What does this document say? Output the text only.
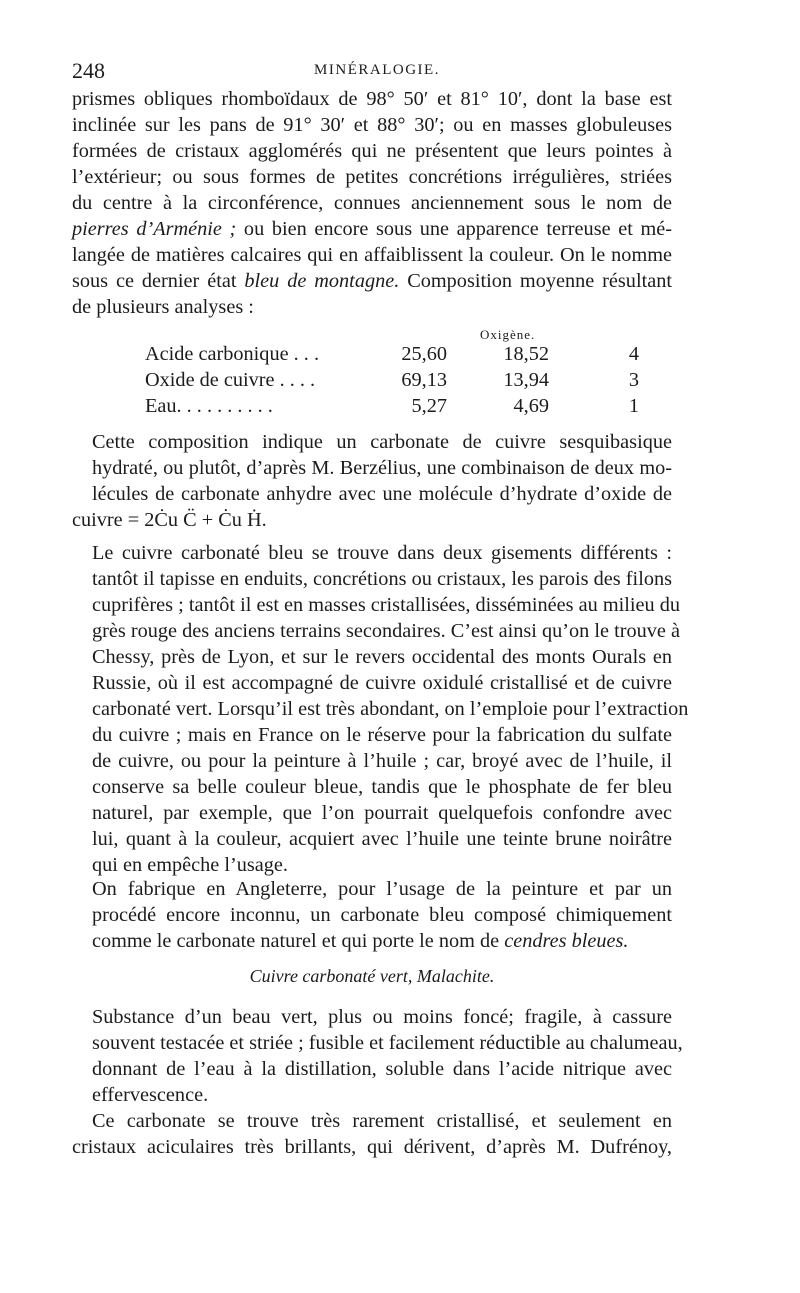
248	MINÉRALOGIE.

prismes obliques rhomboïdaux de 98° 50′ et 81° 10′, dont la base est
inclinée sur les pans de 91° 30′ et 88° 30′; ou en masses globuleuses
formées de cristaux agglomérés qui ne présentent que leurs pointes à
l’extérieur; ou sous formes de petites concrétions irrégulières, striées
du centre à la circonférence, connues anciennement sous le nom de
pierres d’Arménie ; ou bien encore sous une apparence terreuse et mé-
langée de matières calcaires qui en affaiblissent la couleur. On le nomme
sous ce dernier état bleu de montagne. Composition moyenne résultant
de plusieurs analyses :

Oxigène.
Acide carbonique . . .	25,60	18,52	4
Oxide de cuivre . . . .	69,13	13,94	3
Eau. . . . . . . . . .	5,27	4,69	1

Cette composition indique un carbonate de cuivre sesquibasique
hydraté, ou plutôt, d’après M. Berzélius, une combinaison de deux mo-
lécules de carbonate anhydre avec une molécule d’hydrate d’oxide de
cuivre = 2Ċu C̈ + Ċu Ḣ.

Le cuivre carbonaté bleu se trouve dans deux gisements différents :
tantôt il tapisse en enduits, concrétions ou cristaux, les parois des filons
cuprifères ; tantôt il est en masses cristallisées, disséminées au milieu du
grès rouge des anciens terrains secondaires. C’est ainsi qu’on le trouve à
Chessy, près de Lyon, et sur le revers occidental des monts Ourals en
Russie, où il est accompagné de cuivre oxidulé cristallisé et de cuivre
carbonaté vert. Lorsqu’il est très abondant, on l’emploie pour l’extraction
du cuivre ; mais en France on le réserve pour la fabrication du sulfate
de cuivre, ou pour la peinture à l’huile ; car, broyé avec de l’huile, il
conserve sa belle couleur bleue, tandis que le phosphate de fer bleu
naturel, par exemple, que l’on pourrait quelquefois confondre avec
lui, quant à la couleur, acquiert avec l’huile une teinte brune noirâtre
qui en empêche l’usage.

On fabrique en Angleterre, pour l’usage de la peinture et par un
procédé encore inconnu, un carbonate bleu composé chimiquement
comme le carbonate naturel et qui porte le nom de cendres bleues.

Cuivre carbonaté vert, Malachite.

Substance d’un beau vert, plus ou moins foncé; fragile, à cassure
souvent testacée et striée ; fusible et facilement réductible au chalumeau,
donnant de l’eau à la distillation, soluble dans l’acide nitrique avec
effervescence.

Ce carbonate se trouve très rarement cristallisé, et seulement en
cristaux aciculaires très brillants, qui dérivent, d’après M. Dufrénoy,
